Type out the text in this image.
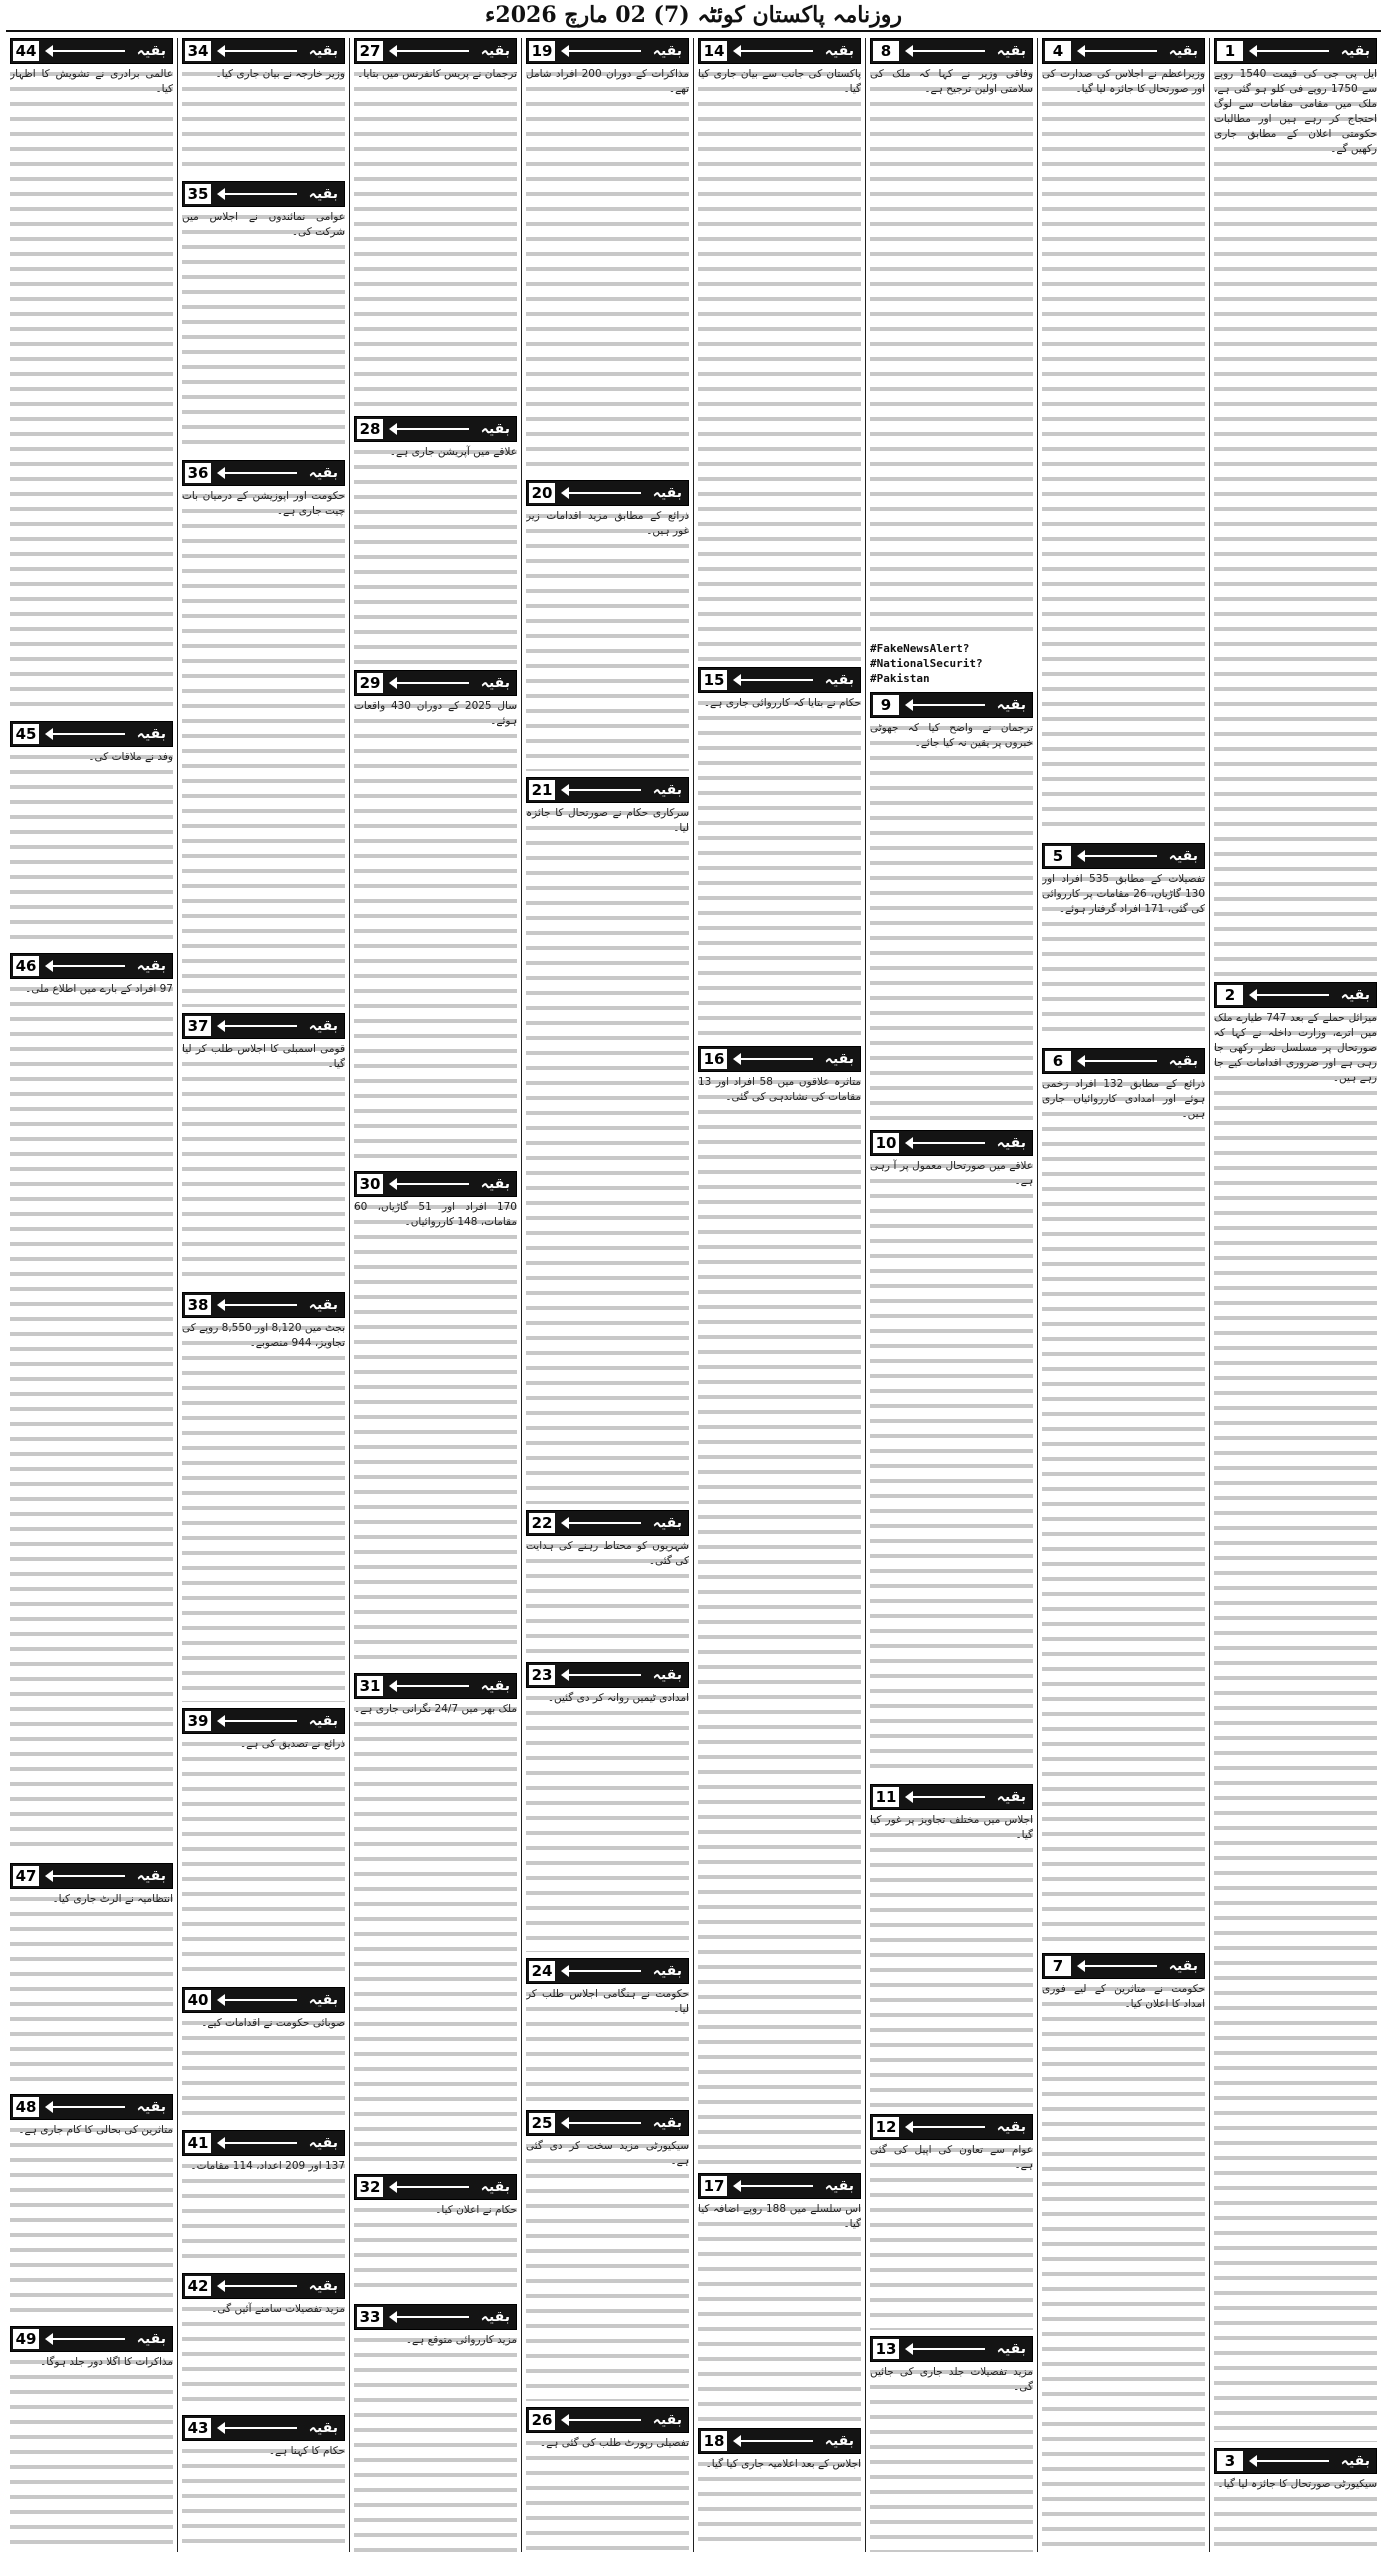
روزنامہ پاکستان کوئٹہ (7) 02 مارچ 2026ء
1	بقیہ
ایل پی جی کی قیمت 1540 روپے سے 1750 روپے فی کلو ہو گئی ہے، ملک میں مقامی مقامات سے لوگ احتجاج کر رہے ہیں اور مطالبات حکومتی اعلان کے مطابق جاری رکھیں گے۔
2	بقیہ
میزائل حملے کے بعد 747 طیارے ملک میں اترے، وزارت داخلہ نے کہا کہ صورتحال پر مسلسل نظر رکھی جا رہی ہے اور ضروری اقدامات کیے جا رہے ہیں۔
3	بقیہ
سیکیورٹی صورتحال کا جائزہ لیا گیا۔
4	بقیہ
وزیراعظم نے اجلاس کی صدارت کی اور صورتحال کا جائزہ لیا گیا۔
5	بقیہ
تفصیلات کے مطابق 535 افراد اور 130 گاڑیاں، 26 مقامات پر کارروائی کی گئی، 171 افراد گرفتار ہوئے۔
6	بقیہ
ذرائع کے مطابق 132 افراد زخمی ہوئے اور امدادی کارروائیاں جاری ہیں۔
7	بقیہ
حکومت نے متاثرین کے لیے فوری امداد کا اعلان کیا۔
8	بقیہ
وفاقی وزیر نے کہا کہ ملک کی سلامتی اولین ترجیح ہے۔
#FakeNewsAlert? #NationalSecurit?#Pakistan
9	بقیہ
ترجمان نے واضح کیا کہ جھوٹی خبروں پر یقین نہ کیا جائے۔
10	بقیہ
علاقے میں صورتحال معمول پر آ رہی ہے۔
11	بقیہ
اجلاس میں مختلف تجاویز پر غور کیا گیا۔
12	بقیہ
عوام سے تعاون کی اپیل کی گئی ہے۔
13	بقیہ
مزید تفصیلات جلد جاری کی جائیں گی۔
14	بقیہ
پاکستان کی جانب سے بیان جاری کیا گیا۔
15	بقیہ
حکام نے بتایا کہ کارروائی جاری ہے۔
16	بقیہ
متاثرہ علاقوں میں 58 افراد اور 13 مقامات کی نشاندہی کی گئی۔
17	بقیہ
اس سلسلے میں 188 روپے اضافہ کیا گیا۔
18	بقیہ
اجلاس کے بعد اعلامیہ جاری کیا گیا۔
19	بقیہ
مذاکرات کے دوران 200 افراد شامل تھے۔
20	بقیہ
ذرائع کے مطابق مزید اقدامات زیر غور ہیں۔
21	بقیہ
سرکاری حکام نے صورتحال کا جائزہ لیا۔
22	بقیہ
شہریوں کو محتاط رہنے کی ہدایت کی گئی۔
23	بقیہ
امدادی ٹیمیں روانہ کر دی گئیں۔
24	بقیہ
حکومت نے ہنگامی اجلاس طلب کر لیا۔
25	بقیہ
سیکیورٹی مزید سخت کر دی گئی ہے۔
26	بقیہ
تفصیلی رپورٹ طلب کی گئی ہے۔
27	بقیہ
ترجمان نے پریس کانفرنس میں بتایا۔
28	بقیہ
علاقے میں آپریشن جاری ہے۔
29	بقیہ
سال 2025 کے دوران 430 واقعات ہوئے۔
30	بقیہ
170 افراد اور 51 گاڑیاں، 60 مقامات، 148 کارروائیاں۔
31	بقیہ
ملک بھر میں 24/7 نگرانی جاری ہے۔
32	بقیہ
حکام نے اعلان کیا۔
33	بقیہ
مزید کارروائی متوقع ہے۔
34	بقیہ
وزیر خارجہ نے بیان جاری کیا۔
35	بقیہ
عوامی نمائندوں نے اجلاس میں شرکت کی۔
36	بقیہ
حکومت اور اپوزیشن کے درمیان بات چیت جاری ہے۔
37	بقیہ
قومی اسمبلی کا اجلاس طلب کر لیا گیا۔
38	بقیہ
بجٹ میں 8,120 اور 8,550 روپے کی تجاویز، 944 منصوبے۔
39	بقیہ
ذرائع نے تصدیق کی ہے۔
40	بقیہ
صوبائی حکومت نے اقدامات کیے۔
41	بقیہ
137 اور 209 اعداد، 114 مقامات۔
42	بقیہ
مزید تفصیلات سامنے آئیں گی۔
43	بقیہ
حکام کا کہنا ہے۔
44	بقیہ
عالمی برادری نے تشویش کا اظہار کیا۔
45	بقیہ
وفد نے ملاقات کی۔
46	بقیہ
97 افراد کے بارے میں اطلاع ملی۔
47	بقیہ
انتظامیہ نے الرٹ جاری کیا۔
48	بقیہ
متاثرین کی بحالی کا کام جاری ہے۔
49	بقیہ
مذاکرات کا اگلا دور جلد ہوگا۔
